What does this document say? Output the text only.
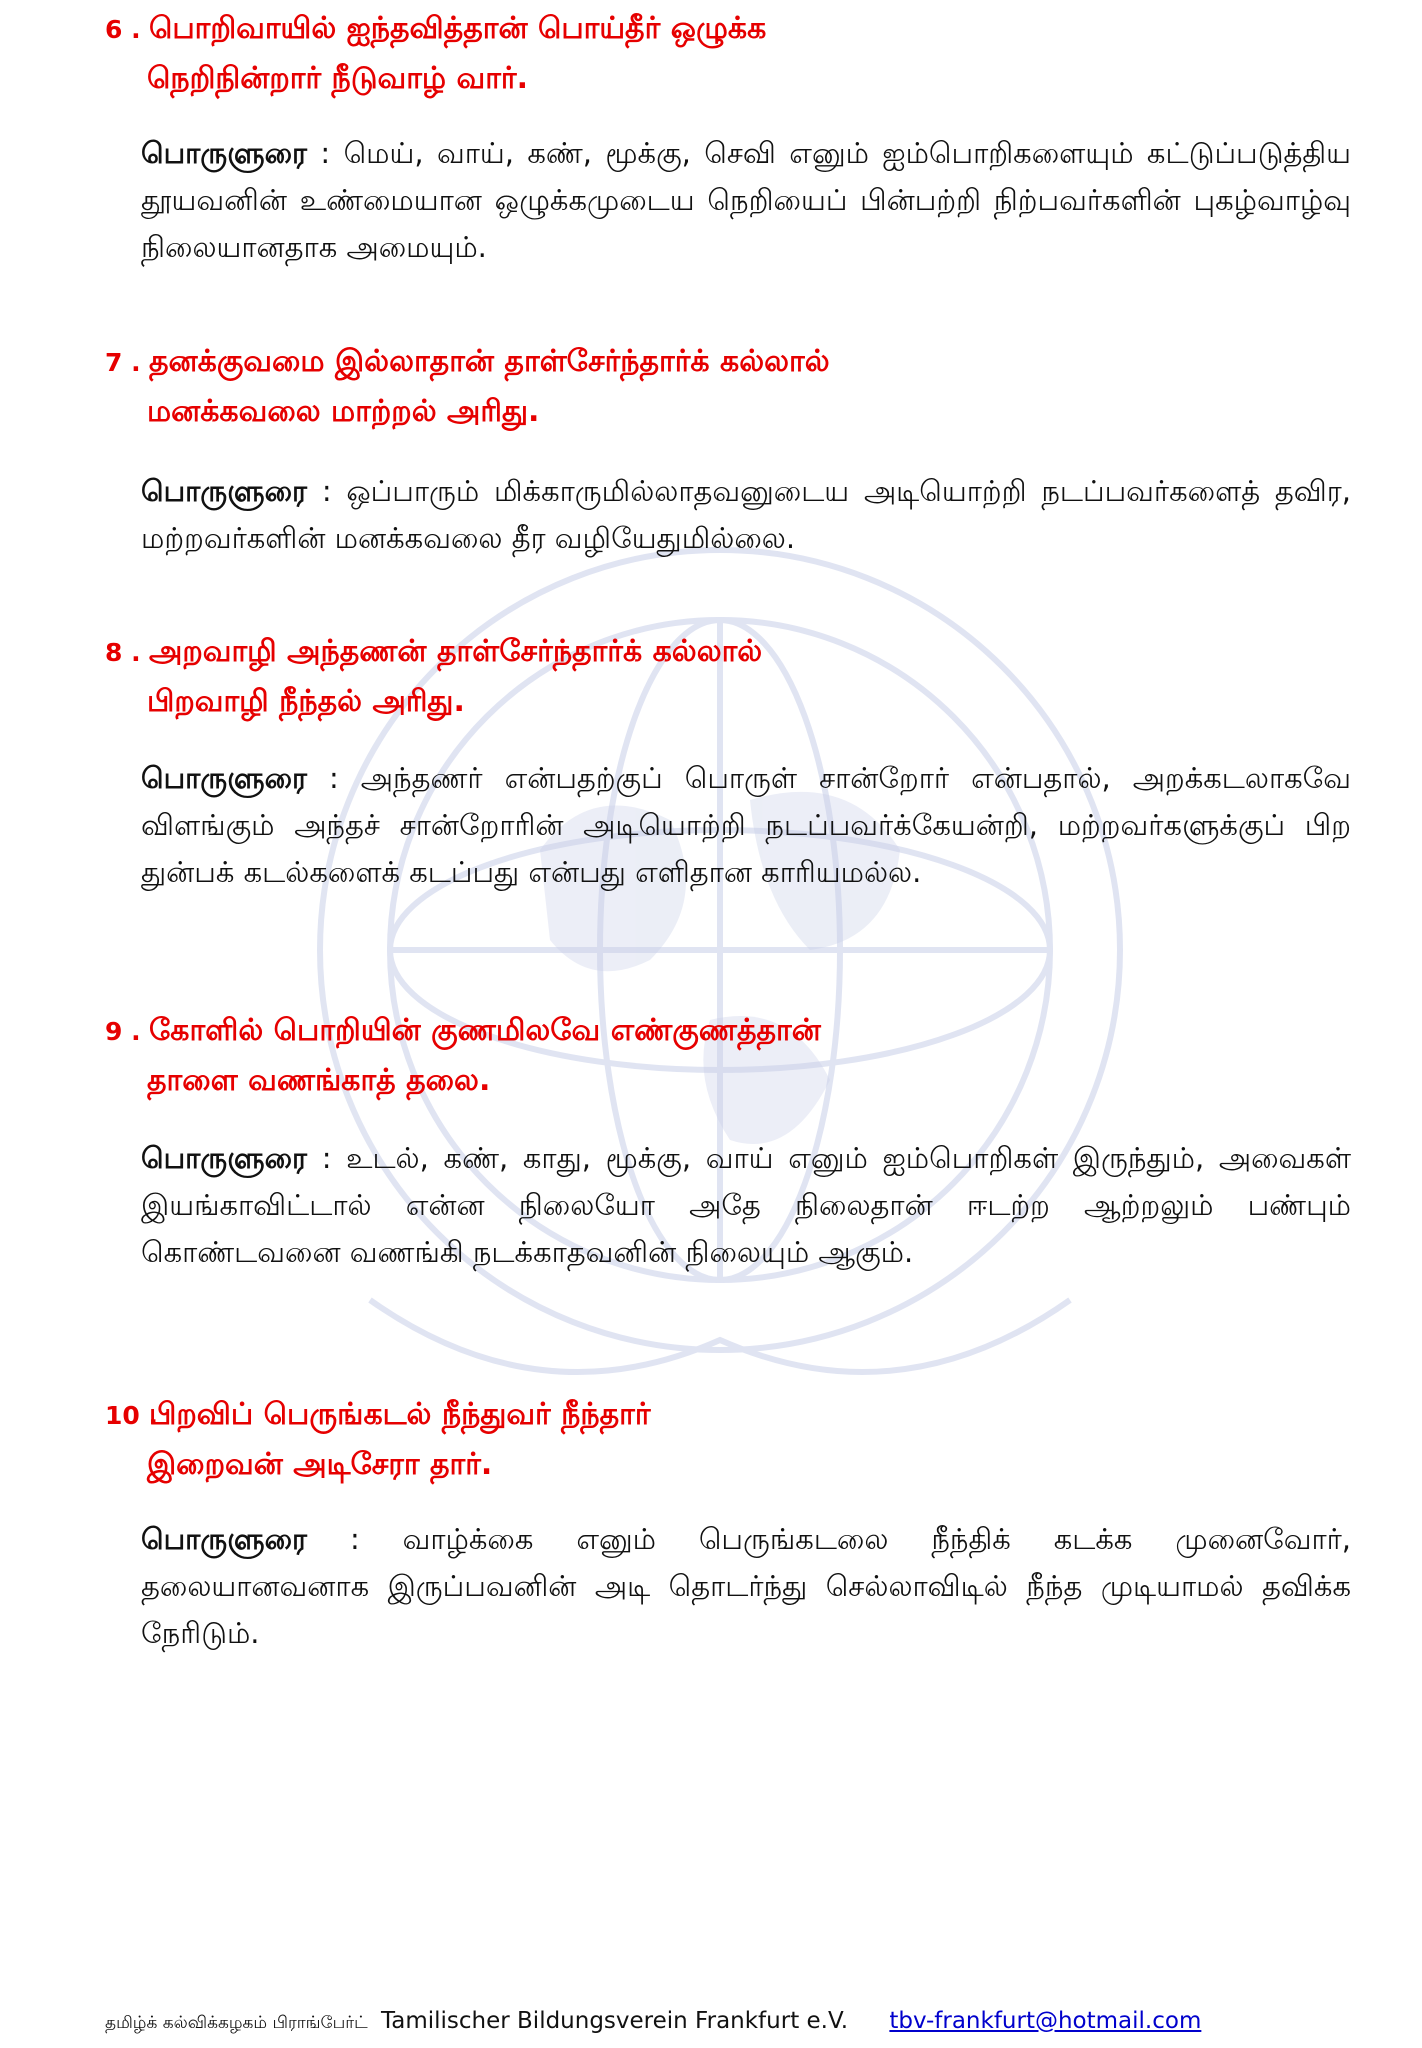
6 . பொறிவாயில் ஐந்தவித்தான் பொய்தீர் ஒழுக்க
நெறிநின்றார் நீடுவாழ் வார்.
பொருளுரை : மெய், வாய், கண், மூக்கு, செவி எனும் ஐம்பொறிகளையும் கட்டுப்படுத்திய தூயவனின் உண்மையான ஒழுக்கமுடைய நெறியைப் பின்பற்றி நிற்பவர்களின் புகழ்வாழ்வு நிலையானதாக அமையும்.
7 . தனக்குவமை இல்லாதான் தாள்சேர்ந்தார்க் கல்லால்
மனக்கவலை மாற்றல் அரிது.
பொருளுரை : ஒப்பாரும் மிக்காருமில்லாதவனுடைய அடியொற்றி நடப்பவர்களைத் தவிர, மற்றவர்களின் மனக்கவலை தீர வழியேதுமில்லை.
8 . அறவாழி அந்தணன் தாள்சேர்ந்தார்க் கல்லால்
பிறவாழி நீந்தல் அரிது.
பொருளுரை : அந்தணர் என்பதற்குப் பொருள் சான்றோர் என்பதால், அறக்கடலாகவே விளங்கும் அந்தச் சான்றோரின் அடியொற்றி நடப்பவர்க்கேயன்றி, மற்றவர்களுக்குப் பிற துன்பக் கடல்களைக் கடப்பது என்பது எளிதான காரியமல்ல.
9 . கோளில் பொறியின் குணமிலவே எண்குணத்தான்
தாளை வணங்காத் தலை.
பொருளுரை : உடல், கண், காது, மூக்கு, வாய் எனும் ஐம்பொறிகள் இருந்தும், அவைகள் இயங்காவிட்டால் என்ன நிலையோ அதே நிலைதான் ஈடற்ற ஆற்றலும் பண்பும் கொண்டவனை வணங்கி நடக்காதவனின் நிலையும் ஆகும்.
10 .பிறவிப் பெருங்கடல் நீந்துவர் நீந்தார்
இறைவன் அடிசேரா தார்.
பொருளுரை : வாழ்க்கை எனும் பெருங்கடலை நீந்திக் கடக்க முனைவோர், தலையானவனாக இருப்பவனின் அடி தொடர்ந்து செல்லாவிடில் நீந்த முடியாமல் தவிக்க நேரிடும்.
தமிழ்க் கல்விக்கழகம் பிராங்பேர்ட் Tamilischer Bildungsverein Frankfurt e.V. tbv-frankfurt@hotmail.com
